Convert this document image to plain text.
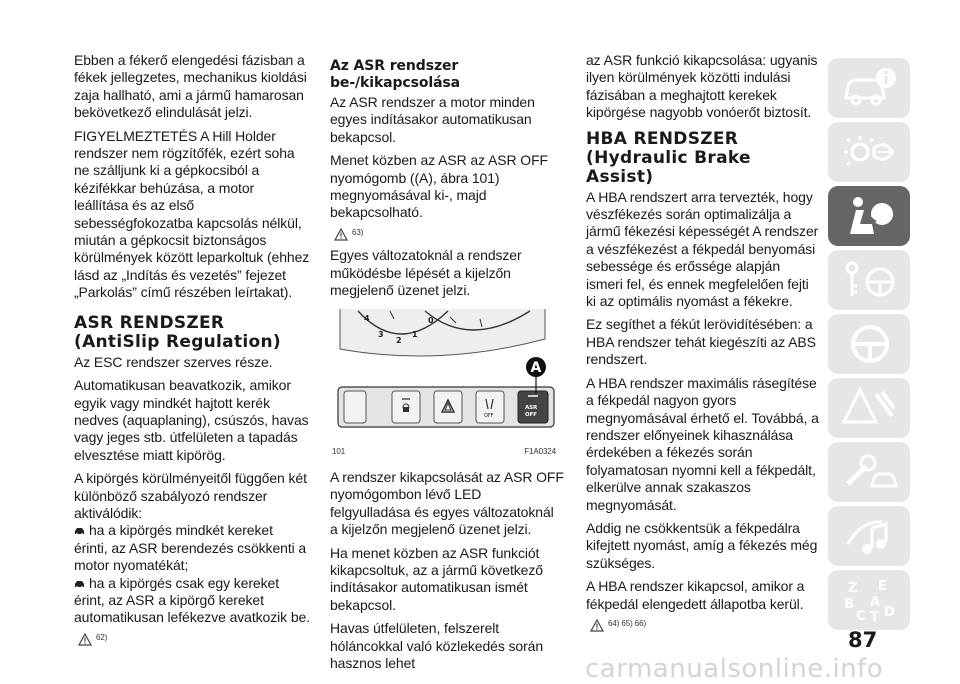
Ebben a fékerő elengedési fázisban a fékek jellegzetes, mechanikus kioldási zaja hallható, ami a jármű hamarosan bekövetkező elindulását jelzi.

FIGYELMEZTETÉS A Hill Holder rendszer nem rögzítőfék, ezért soha ne szálljunk ki a gépkocsiból a kézifékkar behúzása, a motor leállítása és az első sebességfokozatba kapcsolás nélkül, miután a gépkocsit biztonságos körülmények között leparkoltuk (ehhez lásd az „Indítás és vezetés” fejezet „Parkolás” című részében leírtakat).

ASR RENDSZER (AntiSlip Regulation)

Az ESC rendszer szerves része.

Automatikusan beavatkozik, amikor egyik vagy mindkét hajtott kerék nedves (aquaplaning), csúszós, havas vagy jeges stb. útfelületen a tapadás elvesztése miatt kipörög.

A kipörgés körülményeitől függően két különböző szabályozó rendszer aktiválódik:

ha a kipörgés mindkét kereket érinti, az ASR berendezés csökkenti a motor nyomatékát;

ha a kipörgés csak egy kereket érint, az ASR a kipörgő kereket automatikusan lefékezve avatkozik be.

62)
Az ASR rendszer be-/kikapcsolása

Az ASR rendszer a motor minden egyes indításakor automatikusan bekapcsol.

Menet közben az ASR az ASR OFF nyomógomb ((A), ábra 101) megnyomásával ki-, majd bekapcsolható.

63)

Egyes változatoknál a rendszer működésbe lépését a kijelzőn megjelenő üzenet jelzi.

4
3
2
1
0
OFF
ASR
OFF
A
101	F1A0324

A rendszer kikapcsolását az ASR OFF nyomógombon lévő LED felgyulladása és egyes változatoknál a kijelzőn megjelenő üzenet jelzi.

Ha menet közben az ASR funkciót kikapcsoltuk, az a jármű következő indításakor automatikusan ismét bekapcsol.

Havas útfelületen, felszerelt hóláncokkal való közlekedés során hasznos lehet

az ASR funkció kikapcsolása: ugyanis ilyen körülmények közötti indulási fázisában a meghajtott kerekek kipörgése nagyobb vonóerőt biztosít.

HBA RENDSZER (Hydraulic Brake Assist)

A HBA rendszert arra tervezték, hogy vészfékezés során optimalizálja a jármű fékezési képességét A rendszer a vészfékezést a fékpedál benyomási sebessége és erőssége alapján ismeri fel, és ennek megfelelően fejti ki az optimális nyomást a fékekre.

Ez segíthet a fékút lerövidítésében: a HBA rendszer tehát kiegészíti az ABS rendszert.

A HBA rendszer maximális rásegítése a fékpedál nagyon gyors megnyomásával érhető el. Továbbá, a rendszer előnyeinek kihasználása érdekében a fékezés során folyamatosan nyomni kell a fékpedált, elkerülve annak szakaszos megnyomását.

Addig ne csökkentsük a fékpedálra kifejtett nyomást, amíg a fékezés még szükséges.

A HBA rendszer kikapcsol, amikor a fékpedál elengedett állapotba kerül.

64) 65) 66)
Z E
B A
C T D
87
carmanualsonline.info
